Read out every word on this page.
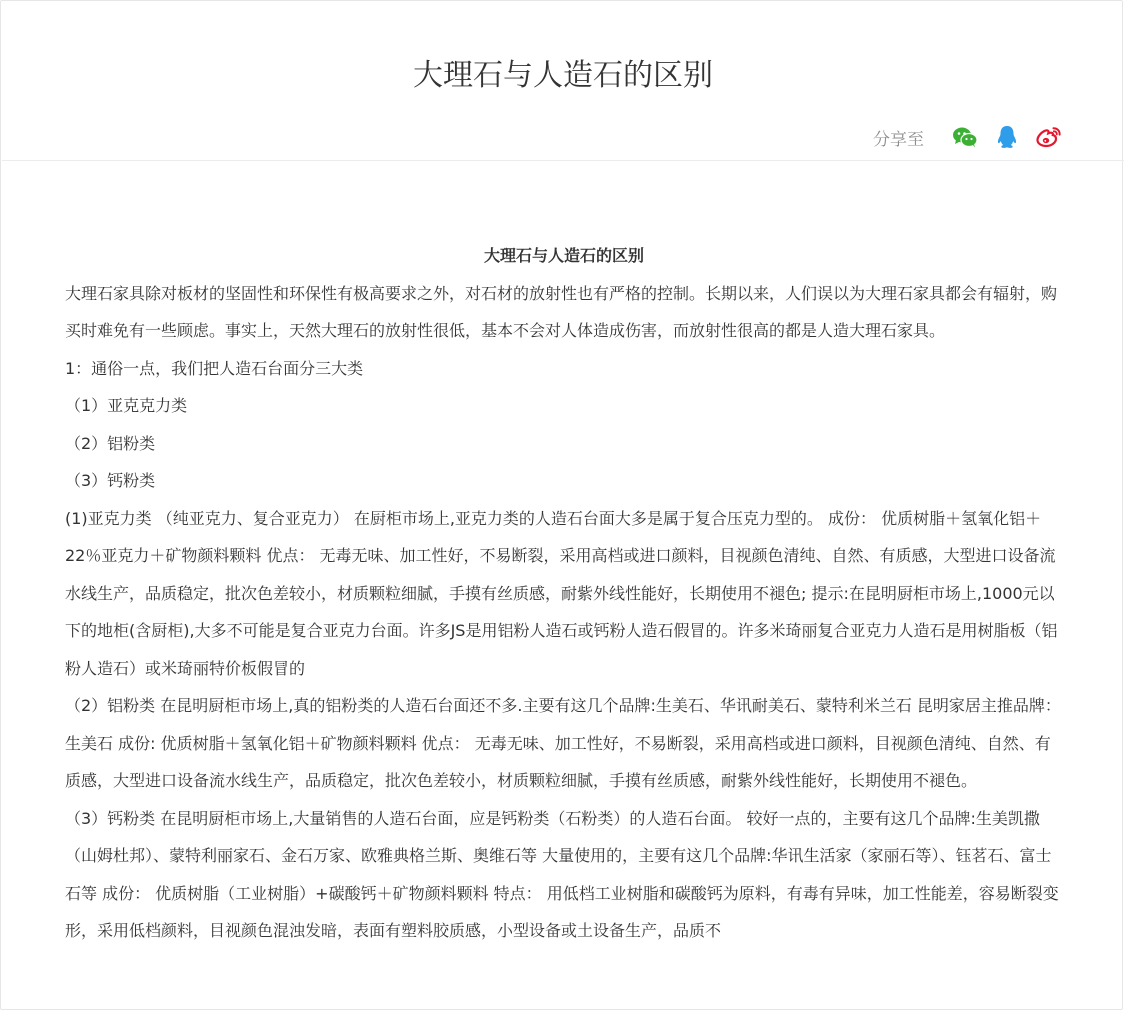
大理石与人造石的区别
分享至

大理石与人造石的区别

大理石家具除对板材的坚固性和环保性有极高要求之外，对石材的放射性也有严格的控制。长期以来，人们误以为大理石家具都会有辐射，购买时难免有一些顾虑。事实上，天然大理石的放射性很低，基本不会对人体造成伤害，而放射性很高的都是人造大理石家具。

1：通俗一点，我们把人造石台面分三大类

（1）亚克克力类

（2）铝粉类

（3）钙粉类

(1)亚克力类 （纯亚克力、复合亚克力） 在厨柜市场上,亚克力类的人造石台面大多是属于复合压克力型的。 成份： 优质树脂＋氢氧化铝＋22％亚克力＋矿物颜料颗料 优点： 无毒无味、加工性好，不易断裂，采用高档或进口颜料，目视颜色清纯、自然、有质感，大型进口设备流水线生产，品质稳定，批次色差较小，材质颗粒细腻，手摸有丝质感，耐紫外线性能好，长期使用不褪色; 提示:在昆明厨柜市场上,1000元以下的地柜(含厨柜),大多不可能是复合亚克力台面。许多JS是用铝粉人造石或钙粉人造石假冒的。许多米琦丽复合亚克力人造石是用树脂板（铝粉人造石）或米琦丽特价板假冒的

（2）铝粉类 在昆明厨柜市场上,真的铝粉类的人造石台面还不多.主要有这几个品牌:生美石、华讯耐美石、蒙特利米兰石 昆明家居主推品牌：生美石 成份: 优质树脂＋氢氧化铝＋矿物颜料颗料 优点： 无毒无味、加工性好，不易断裂，采用高档或进口颜料，目视颜色清纯、自然、有质感，大型进口设备流水线生产，品质稳定，批次色差较小，材质颗粒细腻，手摸有丝质感，耐紫外线性能好，长期使用不褪色。

（3）钙粉类 在昆明厨柜市场上,大量销售的人造石台面，应是钙粉类（石粉类）的人造石台面。 较好一点的，主要有这几个品牌:生美凯撒（山姆杜邦）、蒙特利丽家石、金石万家、欧雅典格兰斯、奥维石等 大量使用的，主要有这几个品牌:华讯生活家（家丽石等）、钰茗石、富士石等 成份： 优质树脂（工业树脂）+碳酸钙＋矿物颜料颗料 特点： 用低档工业树脂和碳酸钙为原料，有毒有异味，加工性能差，容易断裂变形，采用低档颜料，目视颜色混浊发暗，表面有塑料胶质感，小型设备或土设备生产，品质不
